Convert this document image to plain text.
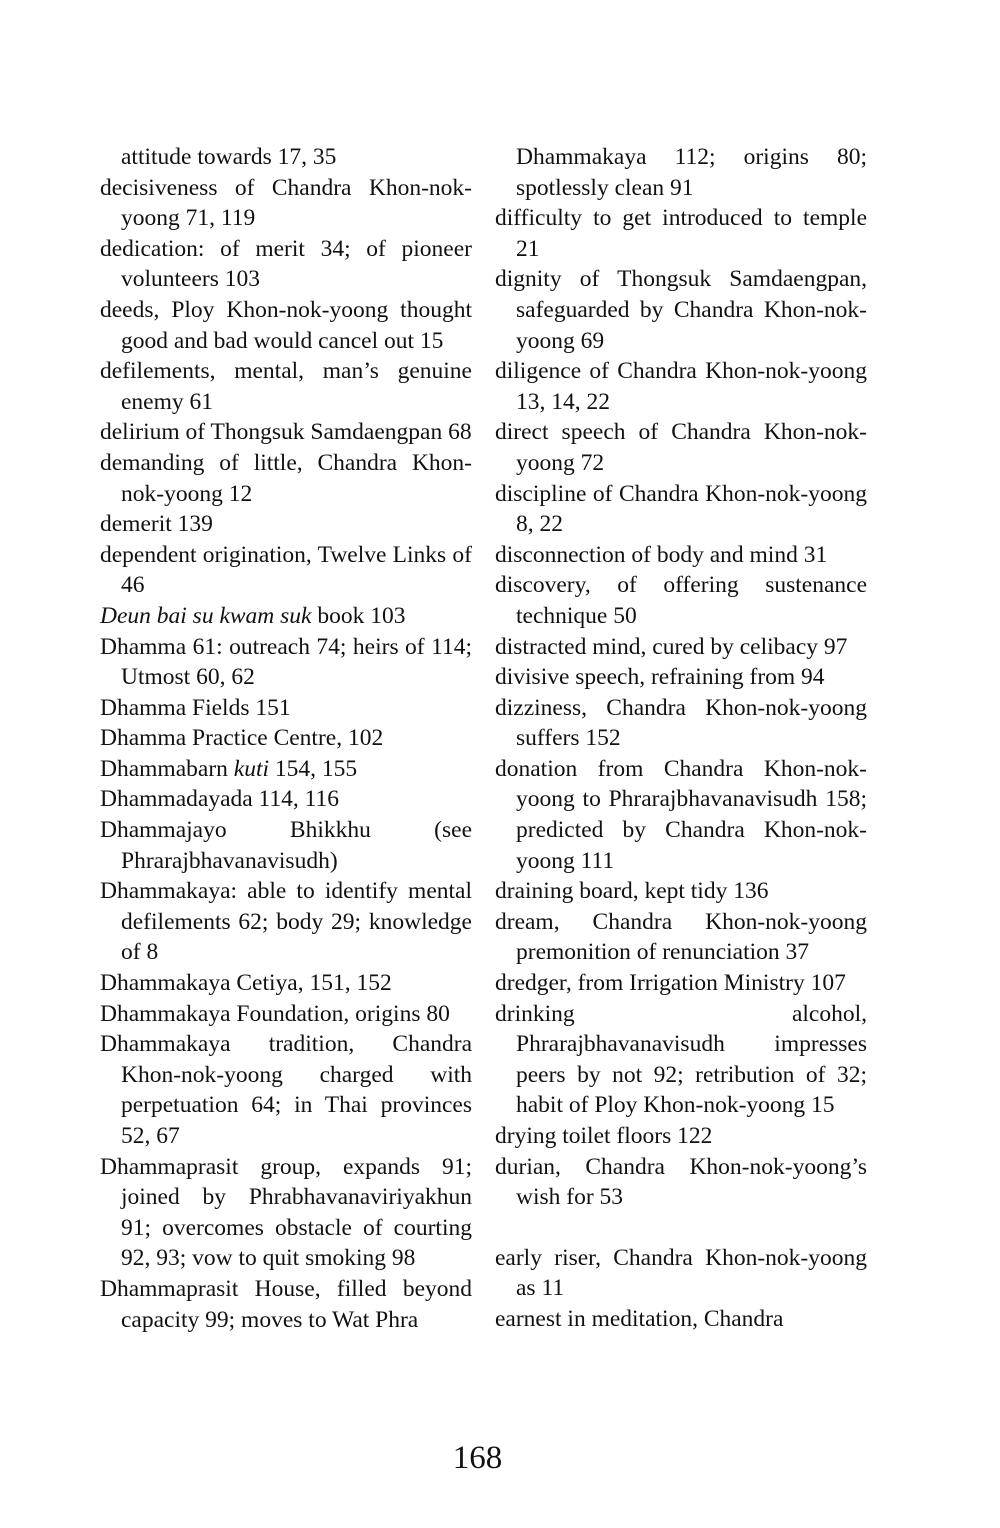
attitude towards 17, 35

decisiveness of Chandra Khon-nok-yoong 71, 119

dedication: of merit 34; of pioneer volunteers 103

deeds, Ploy Khon-nok-yoong thought good and bad would cancel out 15

defilements, mental, man’s genuine enemy 61

delirium of Thongsuk Samdaengpan 68

demanding of little, Chandra Khon-nok-yoong 12

demerit 139

dependent origination, Twelve Links of 46

Deun bai su kwam suk book 103

Dhamma 61: outreach 74; heirs of 114; Utmost 60, 62

Dhamma Fields 151

Dhamma Practice Centre, 102

Dhammabarn kuti 154, 155

Dhammadayada 114, 116

Dhammajayo Bhikkhu (see Phrarajbhavanavisudh)

Dhammakaya: able to identify mental defilements 62; body 29; knowledge of 8

Dhammakaya Cetiya, 151, 152

Dhammakaya Foundation, origins 80

Dhammakaya tradition, Chandra Khon-nok-yoong charged with perpetuation 64; in Thai provinces 52, 67

Dhammaprasit group, expands 91; joined by Phrabhavanaviriyakhun 91; overcomes obstacle of courting 92, 93; vow to quit smoking 98

Dhammaprasit House, filled beyond capacity 99; moves to Wat Phra

Dhammakaya 112; origins 80; spotlessly clean 91

difficulty to get introduced to temple 21

dignity of Thongsuk Samdaengpan, safeguarded by Chandra Khon-nok-yoong 69

diligence of Chandra Khon-nok-yoong 13, 14, 22

direct speech of Chandra Khon-nok-yoong 72

discipline of Chandra Khon-nok-yoong 8, 22

disconnection of body and mind 31

discovery, of offering sustenance technique 50

distracted mind, cured by celibacy 97

divisive speech, refraining from 94

dizziness, Chandra Khon-nok-yoong suffers 152

donation from Chandra Khon-nok-yoong to Phrarajbhavanavisudh 158; predicted by Chandra Khon-nok-yoong 111

draining board, kept tidy 136

dream, Chandra Khon-nok-yoong premonition of renunciation 37

dredger, from Irrigation Ministry 107

drinking alcohol, Phrarajbhavanavisudh impresses peers by not 92; retribution of 32; habit of Ploy Khon-nok-yoong 15

drying toilet floors 122

durian, Chandra Khon-nok-yoong’s wish for 53

early riser, Chandra Khon-nok-yoong as 11

earnest in meditation, Chandra

168
